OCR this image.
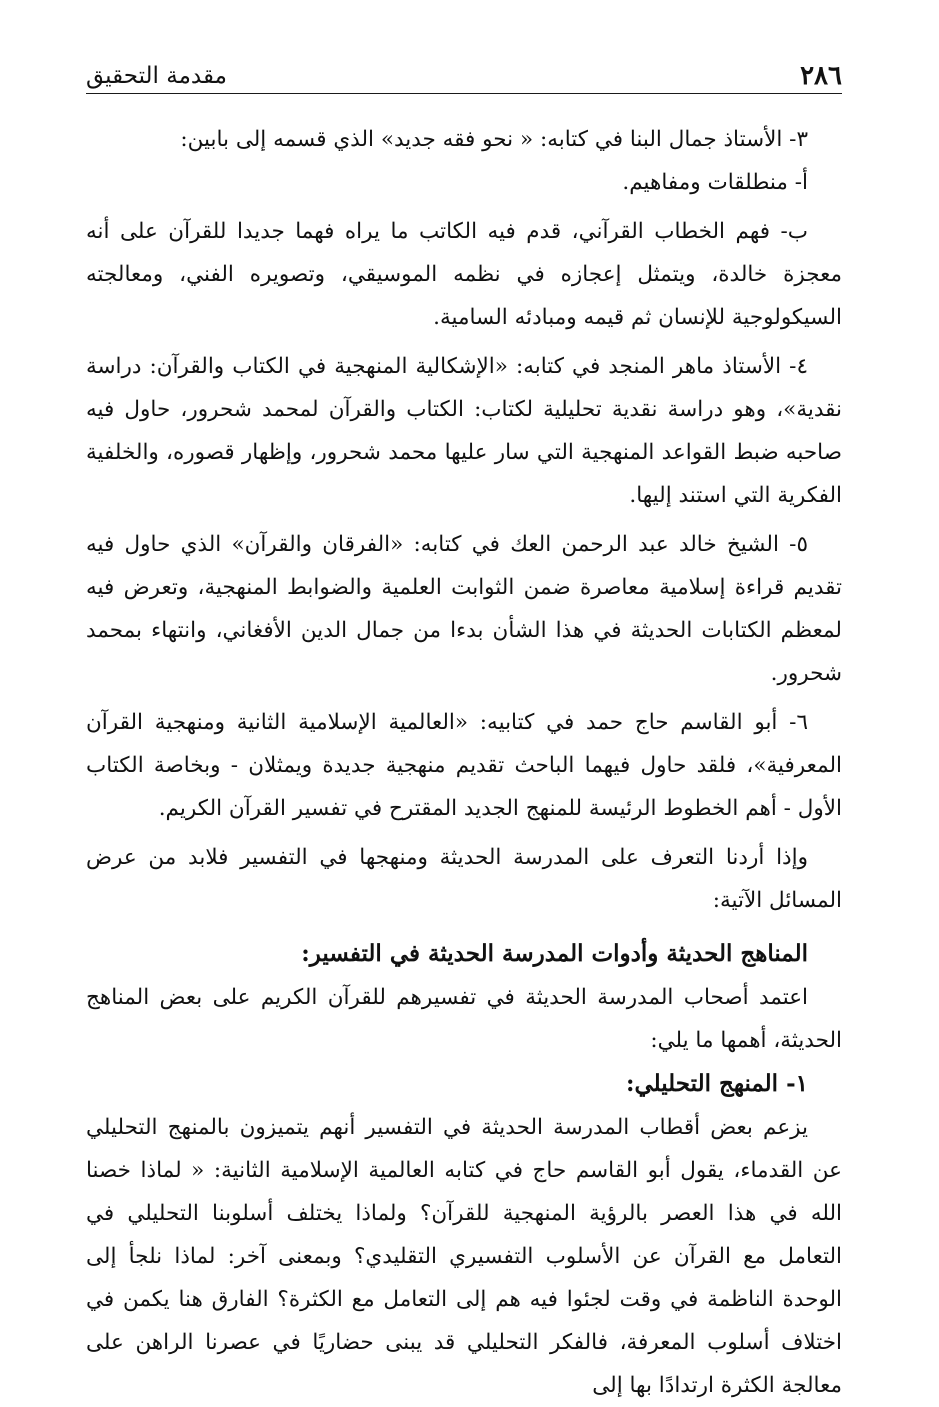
٢٨٦
مقدمة التحقيق

٣- الأستاذ جمال البنا في كتابه: « نحو فقه جديد» الذي قسمه إلى بابين:

أ- منطلقات ومفاهيم.

ب- فهم الخطاب القرآني، قدم فيه الكاتب ما يراه فهما جديدا للقرآن على أنه معجزة خالدة، ويتمثل إعجازه في نظمه الموسيقي، وتصويره الفني، ومعالجته السيكولوجية للإنسان ثم قيمه ومبادئه السامية.

٤- الأستاذ ماهر المنجد في كتابه: «الإشكالية المنهجية في الكتاب والقرآن: دراسة نقدية»، وهو دراسة نقدية تحليلية لكتاب: الكتاب والقرآن لمحمد شحرور، حاول فيه صاحبه ضبط القواعد المنهجية التي سار عليها محمد شحرور، وإظهار قصوره، والخلفية الفكرية التي استند إليها.

٥- الشيخ خالد عبد الرحمن العك في كتابه: «الفرقان والقرآن» الذي حاول فيه تقديم قراءة إسلامية معاصرة ضمن الثوابت العلمية والضوابط المنهجية، وتعرض فيه لمعظم الكتابات الحديثة في هذا الشأن بدءا من جمال الدين الأفغاني، وانتهاء بمحمد شحرور.

٦- أبو القاسم حاج حمد في كتابيه: «العالمية الإسلامية الثانية ومنهجية القرآن المعرفية»، فلقد حاول فيهما الباحث تقديم منهجية جديدة ويمثلان - وبخاصة الكتاب الأول - أهم الخطوط الرئيسة للمنهج الجديد المقترح في تفسير القرآن الكريم.

وإذا أردنا التعرف على المدرسة الحديثة ومنهجها في التفسير فلابد من عرض المسائل الآتية:

المناهج الحديثة وأدوات المدرسة الحديثة في التفسير:

اعتمد أصحاب المدرسة الحديثة في تفسيرهم للقرآن الكريم على بعض المناهج الحديثة، أهمها ما يلي:

١- المنهج التحليلي:

يزعم بعض أقطاب المدرسة الحديثة في التفسير أنهم يتميزون بالمنهج التحليلي عن القدماء، يقول أبو القاسم حاج في كتابه العالمية الإسلامية الثانية: « لماذا خصنا الله في هذا العصر بالرؤية المنهجية للقرآن؟ ولماذا يختلف أسلوبنا التحليلي في التعامل مع القرآن عن الأسلوب التفسيري التقليدي؟ وبمعنى آخر: لماذا نلجأ إلى الوحدة الناظمة في وقت لجئوا فيه هم إلى التعامل مع الكثرة؟ الفارق هنا يكمن في اختلاف أسلوب المعرفة، فالفكر التحليلي قد يبنى حضاريًا في عصرنا الراهن على معالجة الكثرة ارتدادًا بها إلى
